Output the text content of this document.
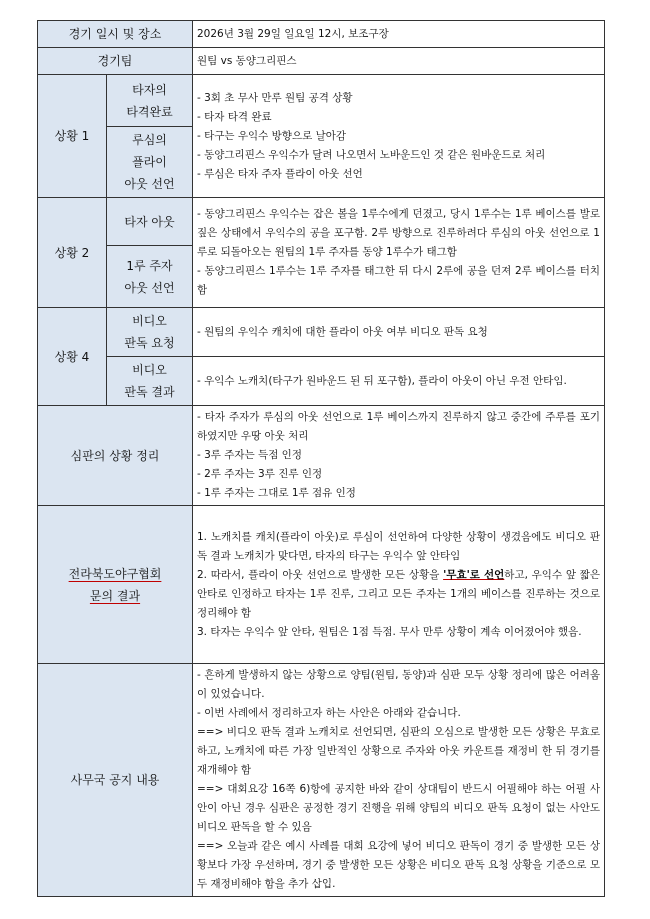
경기 일시 및 장소		2026년 3월 29일 일요일 12시, 보조구장
경기팀		원팀 vs 동양그리핀스
상황 1	타자의
타격완료	- 3회 초 무사 만루 원팀 공격 상황
- 타자 타격 완료
- 타구는 우익수 방향으로 날아감
- 동양그리핀스 우익수가 달려 나오면서 노바운드인 것 같은 원바운드로 처리
- 루심은 타자 주자 플라이 아웃 선언

	루심의
플라이
아웃 선언	

상황 2	타자 아웃	- 동양그리핀스 우익수는 잡은 볼을 1루수에게 던졌고, 당시 1루수는 1루 베이스를 발로 짚은 상태에서 우익수의 공을 포구함. 2루 방향으로 진루하려다 루심의 아웃 선언으로 1루로 되돌아오는 원팀의 1루 주자를 동양 1루수가 태그함
- 동양그리핀스 1루수는 1루 주자를 태그한 뒤 다시 2루에 공을 던져 2루 베이스를 터치함

	1루 주자
아웃 선언	

상황 4	비디오
판독 요청	- 원팀의 우익수 캐치에 대한 플라이 아웃 여부 비디오 판독 요청

	비디오
판독 결과	- 우익수 노캐치(타구가 원바운드 된 뒤 포구함), 플라이 아웃이 아닌 우전 안타임.
심판의 상황 정리		- 타자 주자가 루심의 아웃 선언으로 1루 베이스까지 진루하지 않고 중간에 주루를 포기하였지만 우땅 아웃 처리
- 3루 주자는 득점 인정
- 2루 주자는 3루 진루 인정
- 1루 주자는 그대로 1루 점유 인정

전라북도야구협회
문의 결과		1. 노캐치를 캐치(플라이 아웃)로 루심이 선언하여 다양한 상황이 생겼음에도 비디오 판독 결과 노캐치가 맞다면, 타자의 타구는 우익수 앞 안타임
2. 따라서, 플라이 아웃 선언으로 발생한 모든 상황을 '무효'로 선언하고, 우익수 앞 짧은 안타로 인정하고 타자는 1루 진루, 그리고 모든 주자는 1개의 베이스를 진루하는 것으로 정리해야 함
3. 타자는 우익수 앞 안타, 원팀은 1점 득점. 무사 만루 상황이 계속 이어졌어야 했음.

사무국 공지 내용		- 흔하게 발생하지 않는 상황으로 양팀(원팀, 동양)과 심판 모두 상황 정리에 많은 어려움이 있었습니다.
- 이번 사례에서 정리하고자 하는 사안은 아래와 같습니다.
==> 비디오 판독 결과 노캐치로 선언되면, 심판의 오심으로 발생한 모든 상황은 무효로 하고, 노캐치에 따른 가장 일반적인 상황으로 주자와 아웃 카운트를 재정비 한 뒤 경기를 재개해야 함
==> 대회요강 16쪽 6)항에 공지한 바와 같이 상대팀이 반드시 어필해야 하는 어필 사안이 아닌 경우 심판은 공정한 경기 진행을 위해 양팀의 비디오 판독 요청이 없는 사안도 비디오 판독을 할 수 있음
==> 오늘과 같은 예시 사례를 대회 요강에 넣어 비디오 판독이 경기 중 발생한 모든 상황보다 가장 우선하며, 경기 중 발생한 모든 상황은 비디오 판독 요청 상황을 기준으로 모두 재정비해야 함을 추가 삽입.
